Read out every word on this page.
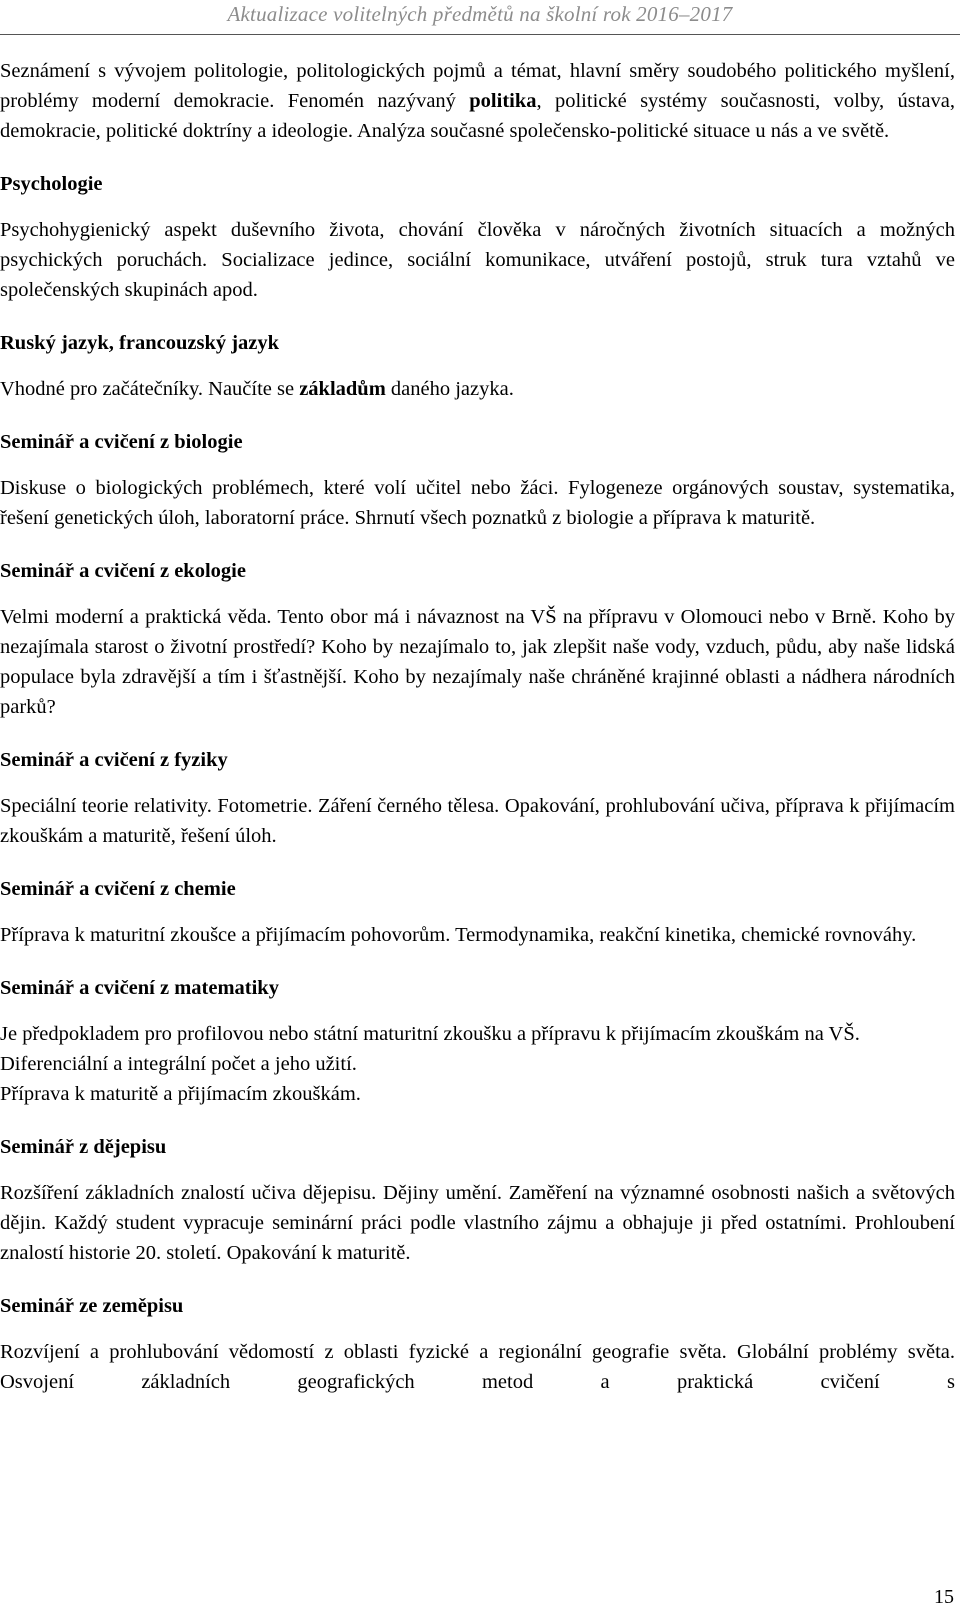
Aktualizace volitelných předmětů na školní rok 2016–2017

Seznámení s vývojem politologie, politologických pojmů a témat, hlavní směry soudobého politického myšlení, problémy moderní demokracie. Fenomén nazývaný politika, politické systémy současnosti, volby, ústava, demokracie, politické doktríny a ideologie. Analýza současné společensko-politické situace u nás a ve světě.

Psychologie

Psychohygienický aspekt duševního života, chování člověka v náročných životních situacích a možných psychických poruchách. Socializace jedince, sociální komunikace, utváření postojů, struk tura vztahů ve společenských skupinách apod.

Ruský jazyk, francouzský jazyk

Vhodné pro začátečníky. Naučíte se základům daného jazyka.

Seminář a cvičení z biologie

Diskuse o biologických problémech, které volí učitel nebo žáci. Fylogeneze orgánových soustav, systematika, řešení genetických úloh, laboratorní práce. Shrnutí všech poznatků z biologie a příprava k maturitě.

Seminář a cvičení z ekologie

Velmi moderní a praktická věda. Tento obor má i návaznost na VŠ na přípravu v Olomouci nebo v Brně. Koho by nezajímala starost o životní prostředí? Koho by nezajímalo to, jak zlepšit naše vody, vzduch, půdu, aby naše lidská populace byla zdravější a tím i šťastnější. Koho by nezajímaly naše chráněné krajinné oblasti a nádhera národních parků?

Seminář a cvičení z fyziky

Speciální teorie relativity. Fotometrie. Záření černého tělesa. Opakování, prohlubování učiva, příprava k přijímacím zkouškám a maturitě, řešení úloh.

Seminář a cvičení z chemie

Příprava k maturitní zkoušce a přijímacím pohovorům. Termodynamika, reakční kinetika, chemické rovnováhy.

Seminář a cvičení z matematiky

Je předpokladem pro profilovou nebo státní maturitní zkoušku a přípravu k přijímacím zkouškám na VŠ.

Diferenciální a integrální počet a jeho užití.

Příprava k maturitě a přijímacím zkouškám.

Seminář z dějepisu

Rozšíření základních znalostí učiva dějepisu. Dějiny umění. Zaměření na významné osobnosti našich a světových dějin. Každý student vypracuje seminární práci podle vlastního zájmu a obhajuje ji před ostatními. Prohloubení znalostí historie 20. století. Opakování k maturitě.

Seminář ze zeměpisu

Rozvíjení a prohlubování vědomostí z oblasti fyzické a regionální geografie světa. Globální problémy světa. Osvojení základních geografických metod a praktická cvičení s

15
